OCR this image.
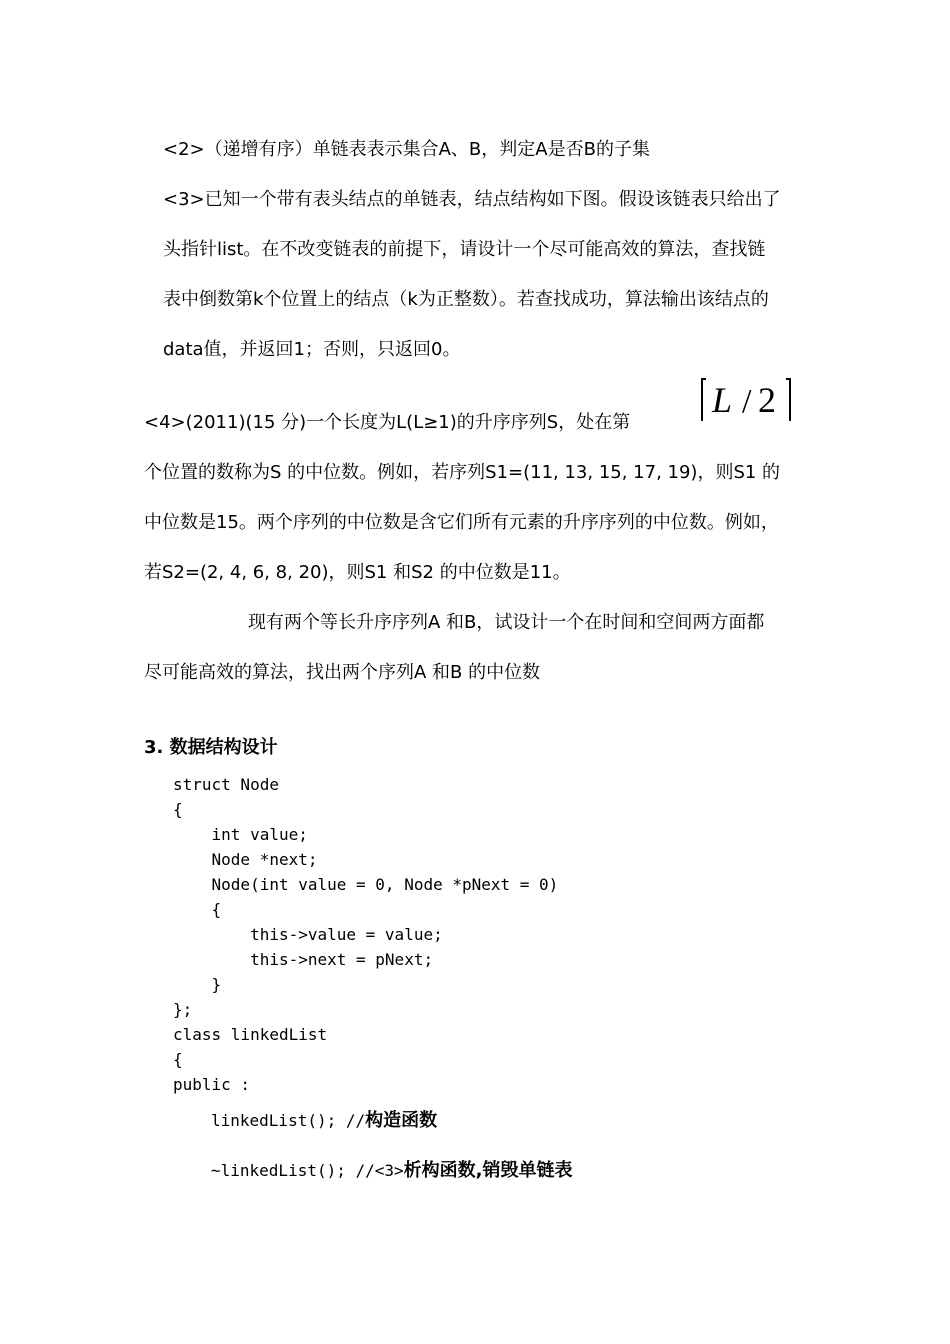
<2>（递增有序）单链表表示集合A、B，判定A是否B的子集
<3>已知一个带有表头结点的单链表，结点结构如下图。假设该链表只给出了
头指针list。在不改变链表的前提下，请设计一个尽可能高效的算法，查找链
表中倒数第k个位置上的结点（k为正整数）。若查找成功，算法输出该结点的
data值，并返回1；否则，只返回0。
L / 2
<4>(2011)(15 分)一个长度为L(L≥1)的升序序列S，处在第
个位置的数称为S 的中位数。例如，若序列S1=(11, 13, 15, 17, 19)，则S1 的
中位数是15。两个序列的中位数是含它们所有元素的升序序列的中位数。例如，
若S2=(2, 4, 6, 8, 20)，则S1 和S2 的中位数是11。
现有两个等长升序序列A 和B，试设计一个在时间和空间两方面都
尽可能高效的算法，找出两个序列A 和B 的中位数
3. 数据结构设计
struct Node
{
int value;
Node *next;
Node(int value = 0, Node *pNext = 0)
{
this->value = value;
this->next = pNext;
}
};
class linkedList
{
public :
linkedList(); //构造函数
~linkedList(); //<3>析构函数,销毁单链表
